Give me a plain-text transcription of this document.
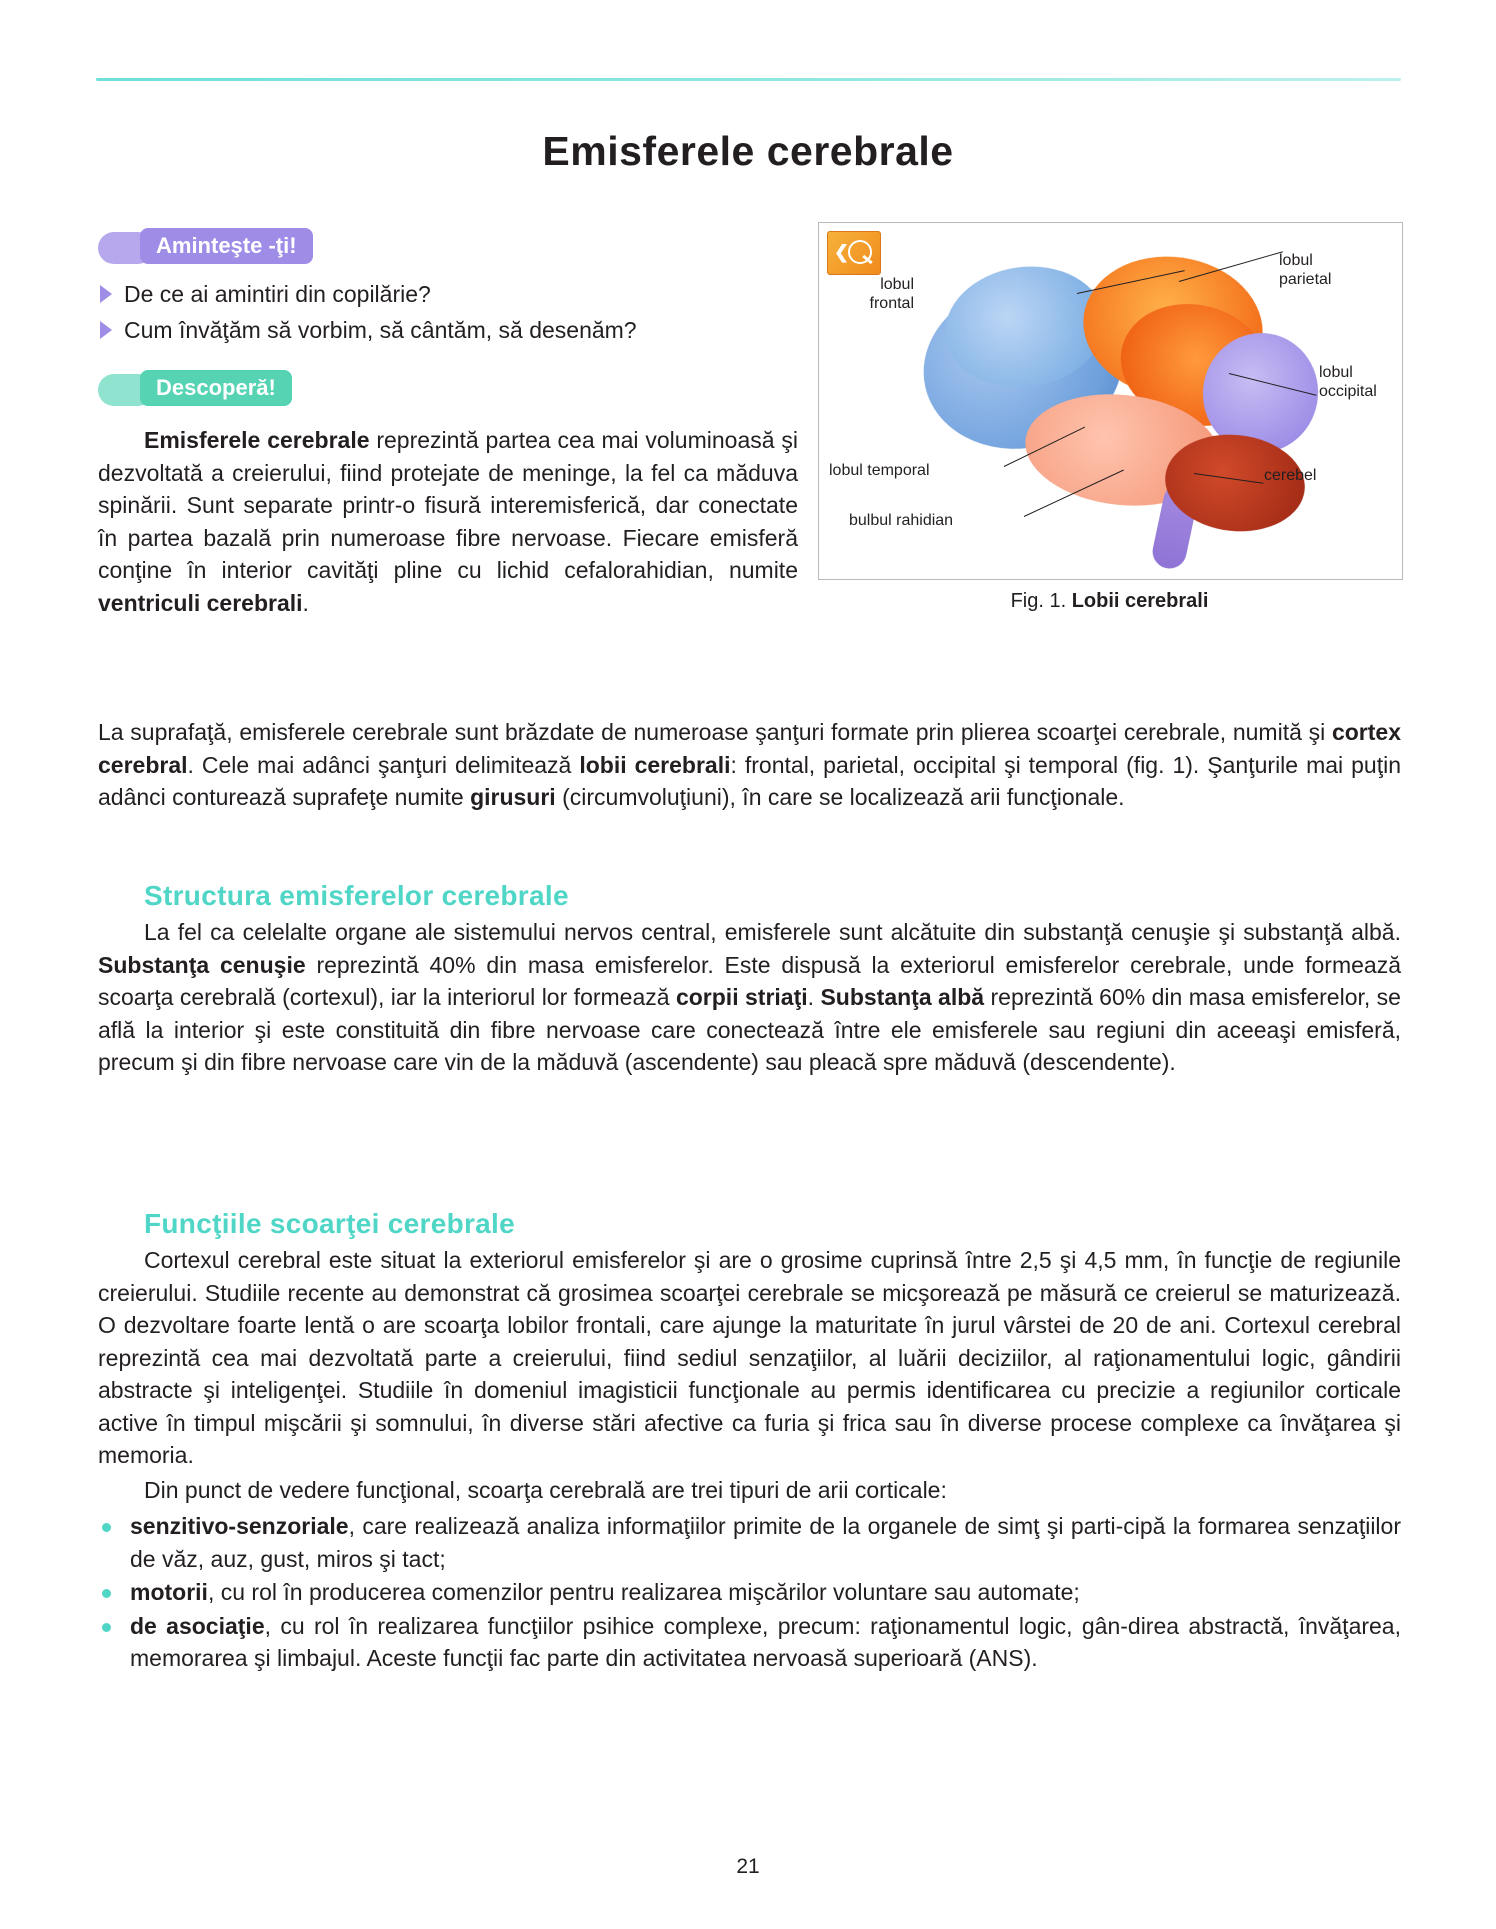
Emisferele cerebrale
Aminteşte -ţi!
De ce ai amintiri din copilărie?
Cum învăţăm să vorbim, să cântăm, să desenăm?
Descoperă!

Emisferele cerebrale reprezintă partea cea mai voluminoasă şi dezvoltată a creierului, fiind protejate de meninge, la fel ca măduva spinării. Sunt separate printr-o fisură interemisferică, dar conectate în partea bazală prin numeroase fibre nervoase. Fiecare emisferă conţine în interior cavităţi pline cu lichid cefalorahidian, numite ventriculi cerebrali.

❮
lobul
frontal
lobul
parietal
lobul
occipital
lobul temporal
bulbul rahidian
cerebel
Fig. 1. Lobii cerebrali

La suprafaţă, emisferele cerebrale sunt brăzdate de numeroase şanţuri formate prin plierea scoarţei cerebrale, numită şi cortex cerebral. Cele mai adânci şanţuri delimitează lobii cerebrali: frontal, parietal, occipital şi temporal (fig. 1). Şanţurile mai puţin adânci conturează suprafeţe numite girusuri (circumvoluţiuni), în care se localizează arii funcţionale.

Structura emisferelor cerebrale

La fel ca celelalte organe ale sistemului nervos central, emisferele sunt alcătuite din substanţă cenuşie şi substanţă albă. Substanţa cenuşie reprezintă 40% din masa emisferelor. Este dispusă la exteriorul emisferelor cerebrale, unde formează scoarţa cerebrală (cortexul), iar la interiorul lor formează corpii striaţi. Substanţa albă reprezintă 60% din masa emisferelor, se află la interior şi este constituită din fibre nervoase care conectează între ele emisferele sau regiuni din aceeaşi emisferă, precum şi din fibre nervoase care vin de la măduvă (ascendente) sau pleacă spre măduvă (descendente).

Funcţiile scoarţei cerebrale

Cortexul cerebral este situat la exteriorul emisferelor şi are o grosime cuprinsă între 2,5 şi 4,5 mm, în funcţie de regiunile creierului. Studiile recente au demonstrat că grosimea scoarţei cerebrale se micşorează pe măsură ce creierul se maturizează. O dezvoltare foarte lentă o are scoarţa lobilor frontali, care ajunge la maturitate în jurul vârstei de 20 de ani. Cortexul cerebral reprezintă cea mai dezvoltată parte a creierului, fiind sediul senzaţiilor, al luării deciziilor, al raţionamentului logic, gândirii abstracte şi inteligenţei. Studiile în domeniul imagisticii funcţionale au permis identificarea cu precizie a regiunilor corticale active în timpul mişcării şi somnului, în diverse stări afective ca furia şi frica sau în diverse procese complexe ca învăţarea şi memoria.

Din punct de vedere funcţional, scoarţa cerebrală are trei tipuri de arii corticale:

senzitivo-senzoriale, care realizează analiza informaţiilor primite de la organele de simţ şi parti-cipă la formarea senzaţiilor de văz, auz, gust, miros şi tact;
motorii, cu rol în producerea comenzilor pentru realizarea mişcărilor voluntare sau automate;
de asociaţie, cu rol în realizarea funcţiilor psihice complexe, precum: raţionamentul logic, gân-direa abstractă, învăţarea, memorarea şi limbajul. Aceste funcţii fac parte din activitatea nervoasă superioară (ANS).
21
